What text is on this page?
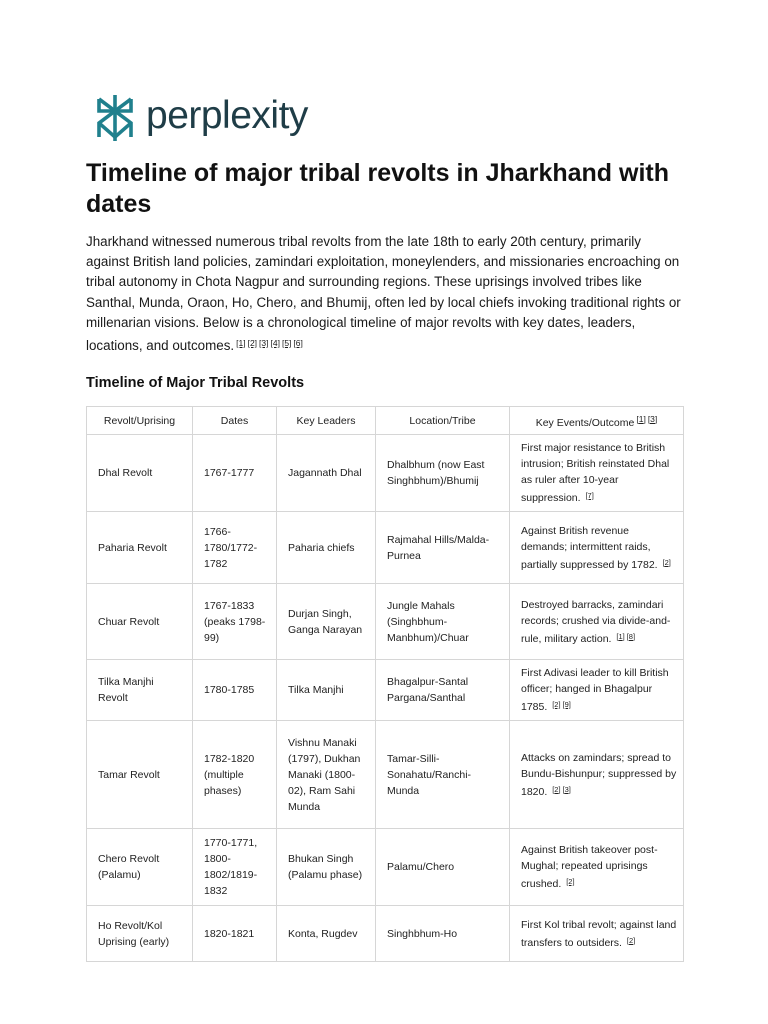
perplexity
Timeline of major tribal revolts in Jharkhand with dates

Jharkhand witnessed numerous tribal revolts from the late 18th to early 20th century, primarily against British land policies, zamindari exploitation, moneylenders, and missionaries encroaching on tribal autonomy in Chota Nagpur and surrounding regions. These uprisings involved tribes like Santhal, Munda, Oraon, Ho, Chero, and Bhumij, often led by local chiefs invoking traditional rights or millenarian visions. Below is a chronological timeline of major revolts with key dates, leaders, locations, and outcomes. [1] [2] [3] [4] [5] [6]

Timeline of Major Tribal Revolts
Revolt/Uprising	Dates	Key Leaders	Location/Tribe	Key Events/Outcome [1] [3]
Dhal Revolt	1767-1777	Jagannath Dhal	Dhalbhum (now East Singhbhum)/Bhumij	First major resistance to British intrusion; British reinstated Dhal as ruler after 10-year suppression. [7]
Paharia Revolt	1766-1780/1772-1782	Paharia chiefs	Rajmahal Hills/Malda-Purnea	Against British revenue demands; intermittent raids, partially suppressed by 1782. [2]
Chuar Revolt	1767-1833 (peaks 1798-99)	Durjan Singh, Ganga Narayan	Jungle Mahals (Singhbhum-Manbhum)/Chuar	Destroyed barracks, zamindari records; crushed via divide-and-rule, military action. [1] [8]
Tilka Manjhi Revolt	1780-1785	Tilka Manjhi	Bhagalpur-Santal Pargana/Santhal	First Adivasi leader to kill British officer; hanged in Bhagalpur 1785. [2] [9]
Tamar Revolt	1782-1820 (multiple phases)	Vishnu Manaki (1797), Dukhan Manaki (1800-02), Ram Sahi Munda	Tamar-Silli-Sonahatu/Ranchi-Munda	Attacks on zamindars; spread to Bundu-Bishunpur; suppressed by 1820. [2] [3]
Chero Revolt (Palamu)	1770-1771, 1800-1802/1819-1832	Bhukan Singh (Palamu phase)	Palamu/Chero	Against British takeover post-Mughal; repeated uprisings crushed. [2]
Ho Revolt/Kol Uprising (early)	1820-1821	Konta, Rugdev	Singhbhum-Ho	First Kol tribal revolt; against land transfers to outsiders. [2]
